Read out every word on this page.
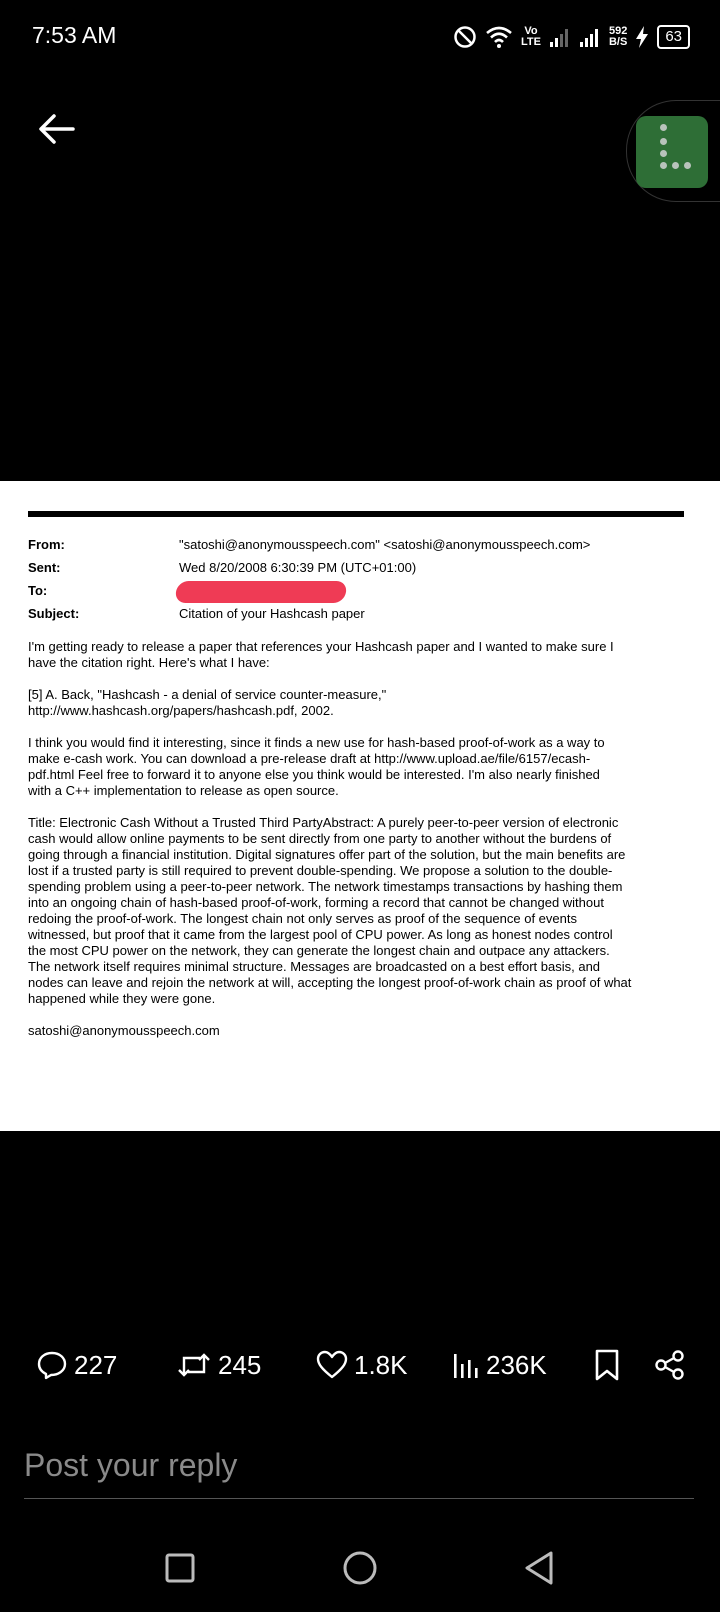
7:53 AM	Vo
LTE
592
B/S	63
From:	"satoshi@anonymousspeech.com" <satoshi@anonymousspeech.com>
Sent:	Wed 8/20/2008 6:30:39 PM (UTC+01:00)
To:
Subject:	Citation of your Hashcash paper

I'm getting ready to release a paper that references your Hashcash paper and I wanted to make sure I
have the citation right. Here's what I have:

[5] A. Back, "Hashcash - a denial of service counter-measure,"
http://www.hashcash.org/papers/hashcash.pdf, 2002.

I think you would find it interesting, since it finds a new use for hash-based proof-of-work as a way to
make e-cash work. You can download a pre-release draft at http://www.upload.ae/file/6157/ecash-
pdf.html Feel free to forward it to anyone else you think would be interested. I'm also nearly finished
with a C++ implementation to release as open source.

Title: Electronic Cash Without a Trusted Third PartyAbstract: A purely peer-to-peer version of electronic
cash would allow online payments to be sent directly from one party to another without the burdens of
going through a financial institution. Digital signatures offer part of the solution, but the main benefits are
lost if a trusted party is still required to prevent double-spending. We propose a solution to the double-
spending problem using a peer-to-peer network. The network timestamps transactions by hashing them
into an ongoing chain of hash-based proof-of-work, forming a record that cannot be changed without
redoing the proof-of-work. The longest chain not only serves as proof of the sequence of events
witnessed, but proof that it came from the largest pool of CPU power. As long as honest nodes control
the most CPU power on the network, they can generate the longest chain and outpace any attackers.
The network itself requires minimal structure. Messages are broadcasted on a best effort basis, and
nodes can leave and rejoin the network at will, accepting the longest proof-of-work chain as proof of what
happened while they were gone.

satoshi@anonymousspeech.com

227	245	1.8K	236K
Post your reply
